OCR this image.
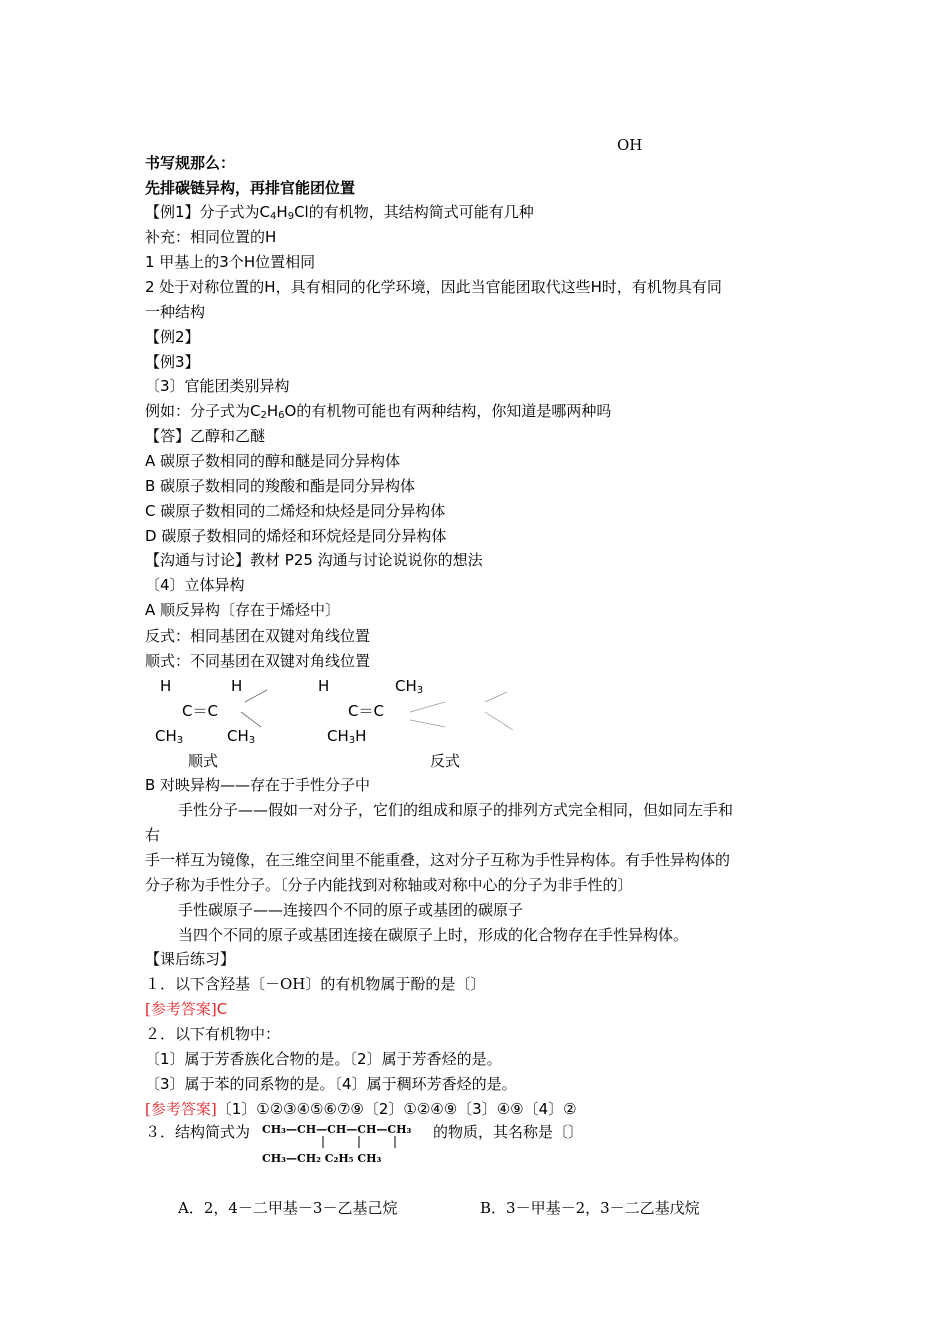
OH
书写规那么：
先排碳链异构，再排官能团位置
【例1】分子式为$C_4H_9Cl$的有机物，其结构简式可能有几种
补充：相同位置的H
1 甲基上的3个H位置相同
2 处于对称位置的H，具有相同的化学环境，因此当官能团取代这些H时，有机物具有同
一种结构
【例2】
【例3】
〔3〕官能团类别异构
例如：分子式为$C_2H_6O$的有机物可能也有两种结构，你知道是哪两种吗
【答】乙醇和乙醚
A 碳原子数相同的醇和醚是同分异构体
B 碳原子数相同的羧酸和酯是同分异构体
C 碳原子数相同的二烯烃和炔烃是同分异构体
D 碳原子数相同的烯烃和环烷烃是同分异构体
【沟通与讨论】教材 P25 沟通与讨论说说你的想法
〔4〕立体异构
A 顺反异构〔存在于烯烃中〕
反式：相同基团在双键对角线位置
顺式：不同基团在双键对角线位置
H	H	H	$CH_3$
C＝C	C＝C
$CH_3$	$CH_3$	$CH_3H$
顺式	反式
B 对映异构——存在于手性分子中
手性分子——假如一对分子，它们的组成和原子的排列方式完全相同，但如同左手和
右
手一样互为镜像，在三维空间里不能重叠，这对分子互称为手性异构体。有手性异构体的
分子称为手性分子。〔分子内能找到对称轴或对称中心的分子为非手性的〕
手性碳原子——连接四个不同的原子或基团的碳原子
当四个不同的原子或基团连接在碳原子上时，形成的化合物存在手性异构体。
【课后练习】
１．以下含羟基〔－OH〕的有机物属于酚的是〔〕
[参考答案]C
２．以下有机物中：
〔1〕属于芳香族化合物的是。〔2〕属于芳香烃的是。
〔3〕属于苯的同系物的是。〔4〕属于稠环芳香烃的是。
[参考答案]〔1〕①②③④⑤⑥⑦⑨〔2〕①②④⑨〔3〕④⑨〔4〕②
３．结构简式为	的物质，其名称是〔〕
CH₃—CH—CH—CH—CH₃
CH₃—CH₂ C₂H₅ CH₃
A．2，4－二甲基－3－乙基己烷	B．3－甲基－2，3－二乙基戊烷
